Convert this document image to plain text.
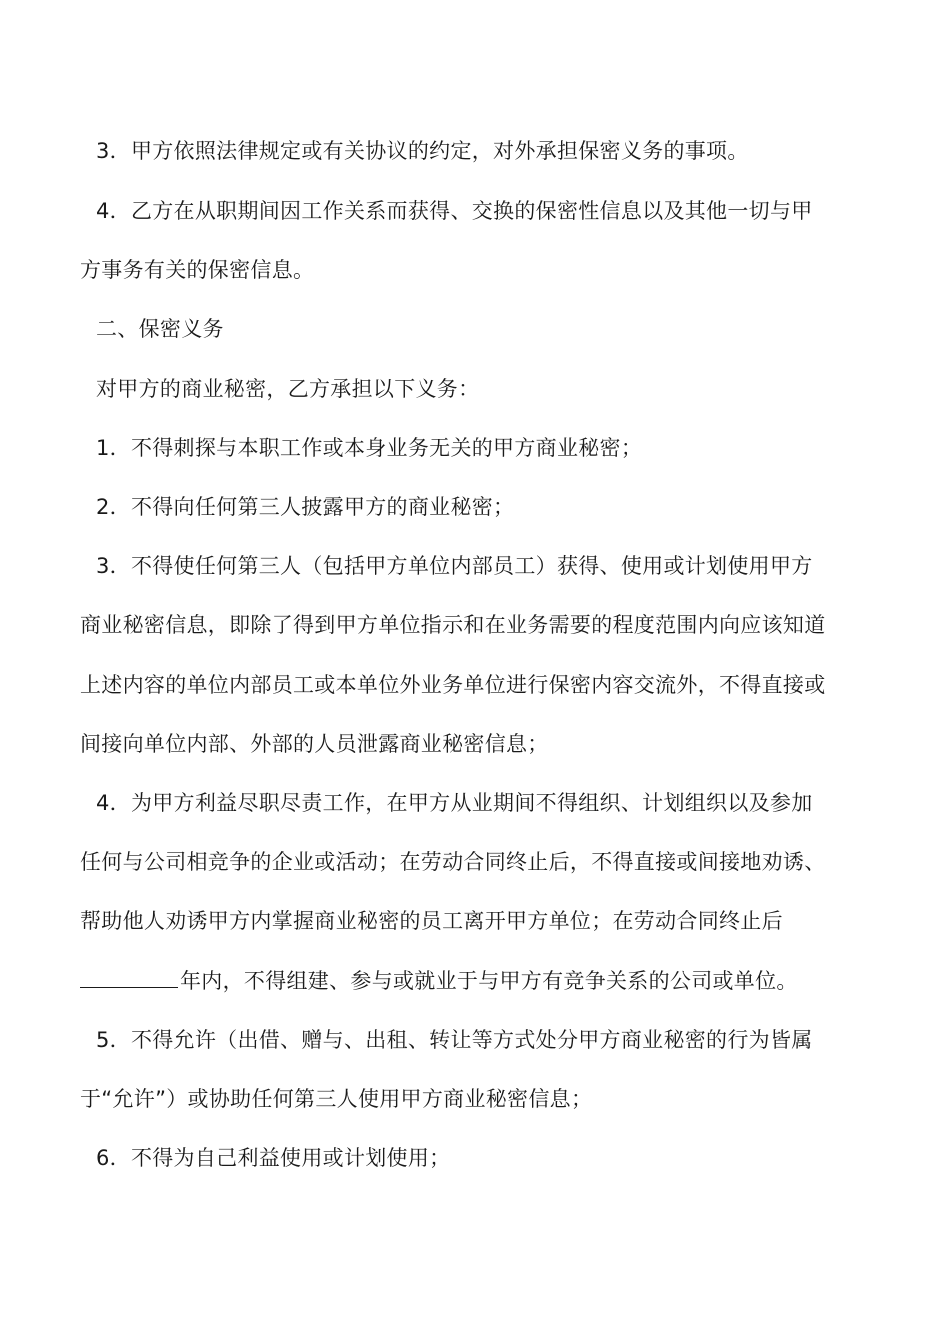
3．甲方依照法律规定或有关协议的约定，对外承担保密义务的事项。
4．乙方在从职期间因工作关系而获得、交换的保密性信息以及其他一切与甲
方事务有关的保密信息。
二、保密义务
对甲方的商业秘密，乙方承担以下义务：
1．不得刺探与本职工作或本身业务无关的甲方商业秘密；
2．不得向任何第三人披露甲方的商业秘密；
3．不得使任何第三人（包括甲方单位内部员工）获得、使用或计划使用甲方
商业秘密信息，即除了得到甲方单位指示和在业务需要的程度范围内向应该知道
上述内容的单位内部员工或本单位外业务单位进行保密内容交流外，不得直接或
间接向单位内部、外部的人员泄露商业秘密信息；
4．为甲方利益尽职尽责工作，在甲方从业期间不得组织、计划组织以及参加
任何与公司相竞争的企业或活动；在劳动合同终止后，不得直接或间接地劝诱、
帮助他人劝诱甲方内掌握商业秘密的员工离开甲方单位；在劳动合同终止后
年内，不得组建、参与或就业于与甲方有竞争关系的公司或单位。
5．不得允许（出借、赠与、出租、转让等方式处分甲方商业秘密的行为皆属
于“允许”）或协助任何第三人使用甲方商业秘密信息；
6．不得为自己利益使用或计划使用；
